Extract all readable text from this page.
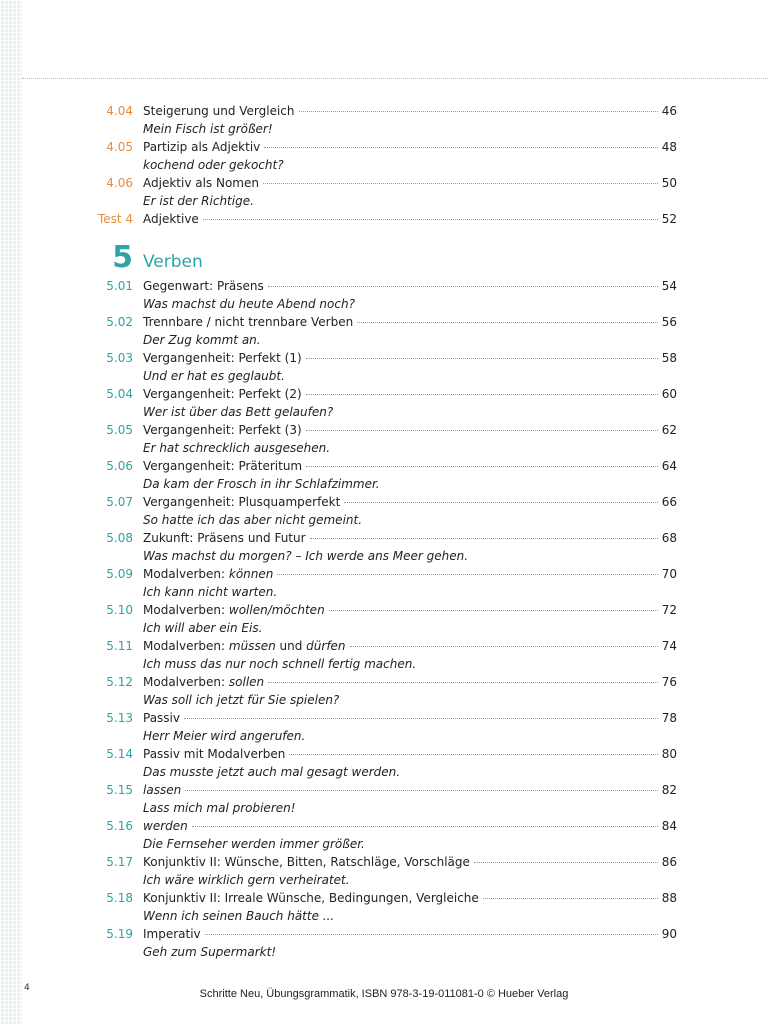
4.04 Steigerung und Vergleich	46
Mein Fisch ist größer!
4.05 Partizip als Adjektiv	48
kochend oder gekocht?
4.06 Adjektiv als Nomen	50
Er ist der Richtige.
Test 4 Adjektive	52
5 Verben
5.01 Gegenwart: Präsens	54
Was machst du heute Abend noch?
5.02 Trennbare / nicht trennbare Verben	56
Der Zug kommt an.
5.03 Vergangenheit: Perfekt (1)	58
Und er hat es geglaubt.
5.04 Vergangenheit: Perfekt (2)	60
Wer ist über das Bett gelaufen?
5.05 Vergangenheit: Perfekt (3)	62
Er hat schrecklich ausgesehen.
5.06 Vergangenheit: Präteritum	64
Da kam der Frosch in ihr Schlafzimmer.
5.07 Vergangenheit: Plusquamperfekt	66
So hatte ich das aber nicht gemeint.
5.08 Zukunft: Präsens und Futur	68
Was machst du morgen? – Ich werde ans Meer gehen.
5.09 Modalverben: können	70
Ich kann nicht warten.
5.10 Modalverben: wollen/möchten	72
Ich will aber ein Eis.
5.11 Modalverben: müssen und dürfen	74
Ich muss das nur noch schnell fertig machen.
5.12 Modalverben: sollen	76
Was soll ich jetzt für Sie spielen?
5.13 Passiv	78
Herr Meier wird angerufen.
5.14 Passiv mit Modalverben	80
Das musste jetzt auch mal gesagt werden.
5.15 lassen	82
Lass mich mal probieren!
5.16 werden	84
Die Fernseher werden immer größer.
5.17 Konjunktiv II: Wünsche, Bitten, Ratschläge, Vorschläge	86
Ich wäre wirklich gern verheiratet.
5.18 Konjunktiv II: Irreale Wünsche, Bedingungen, Vergleiche	88
Wenn ich seinen Bauch hätte ...
5.19 Imperativ	90
Geh zum Supermarkt!
4	Schritte Neu, Übungsgrammatik, ISBN 978-3-19-011081-0 © Hueber Verlag
